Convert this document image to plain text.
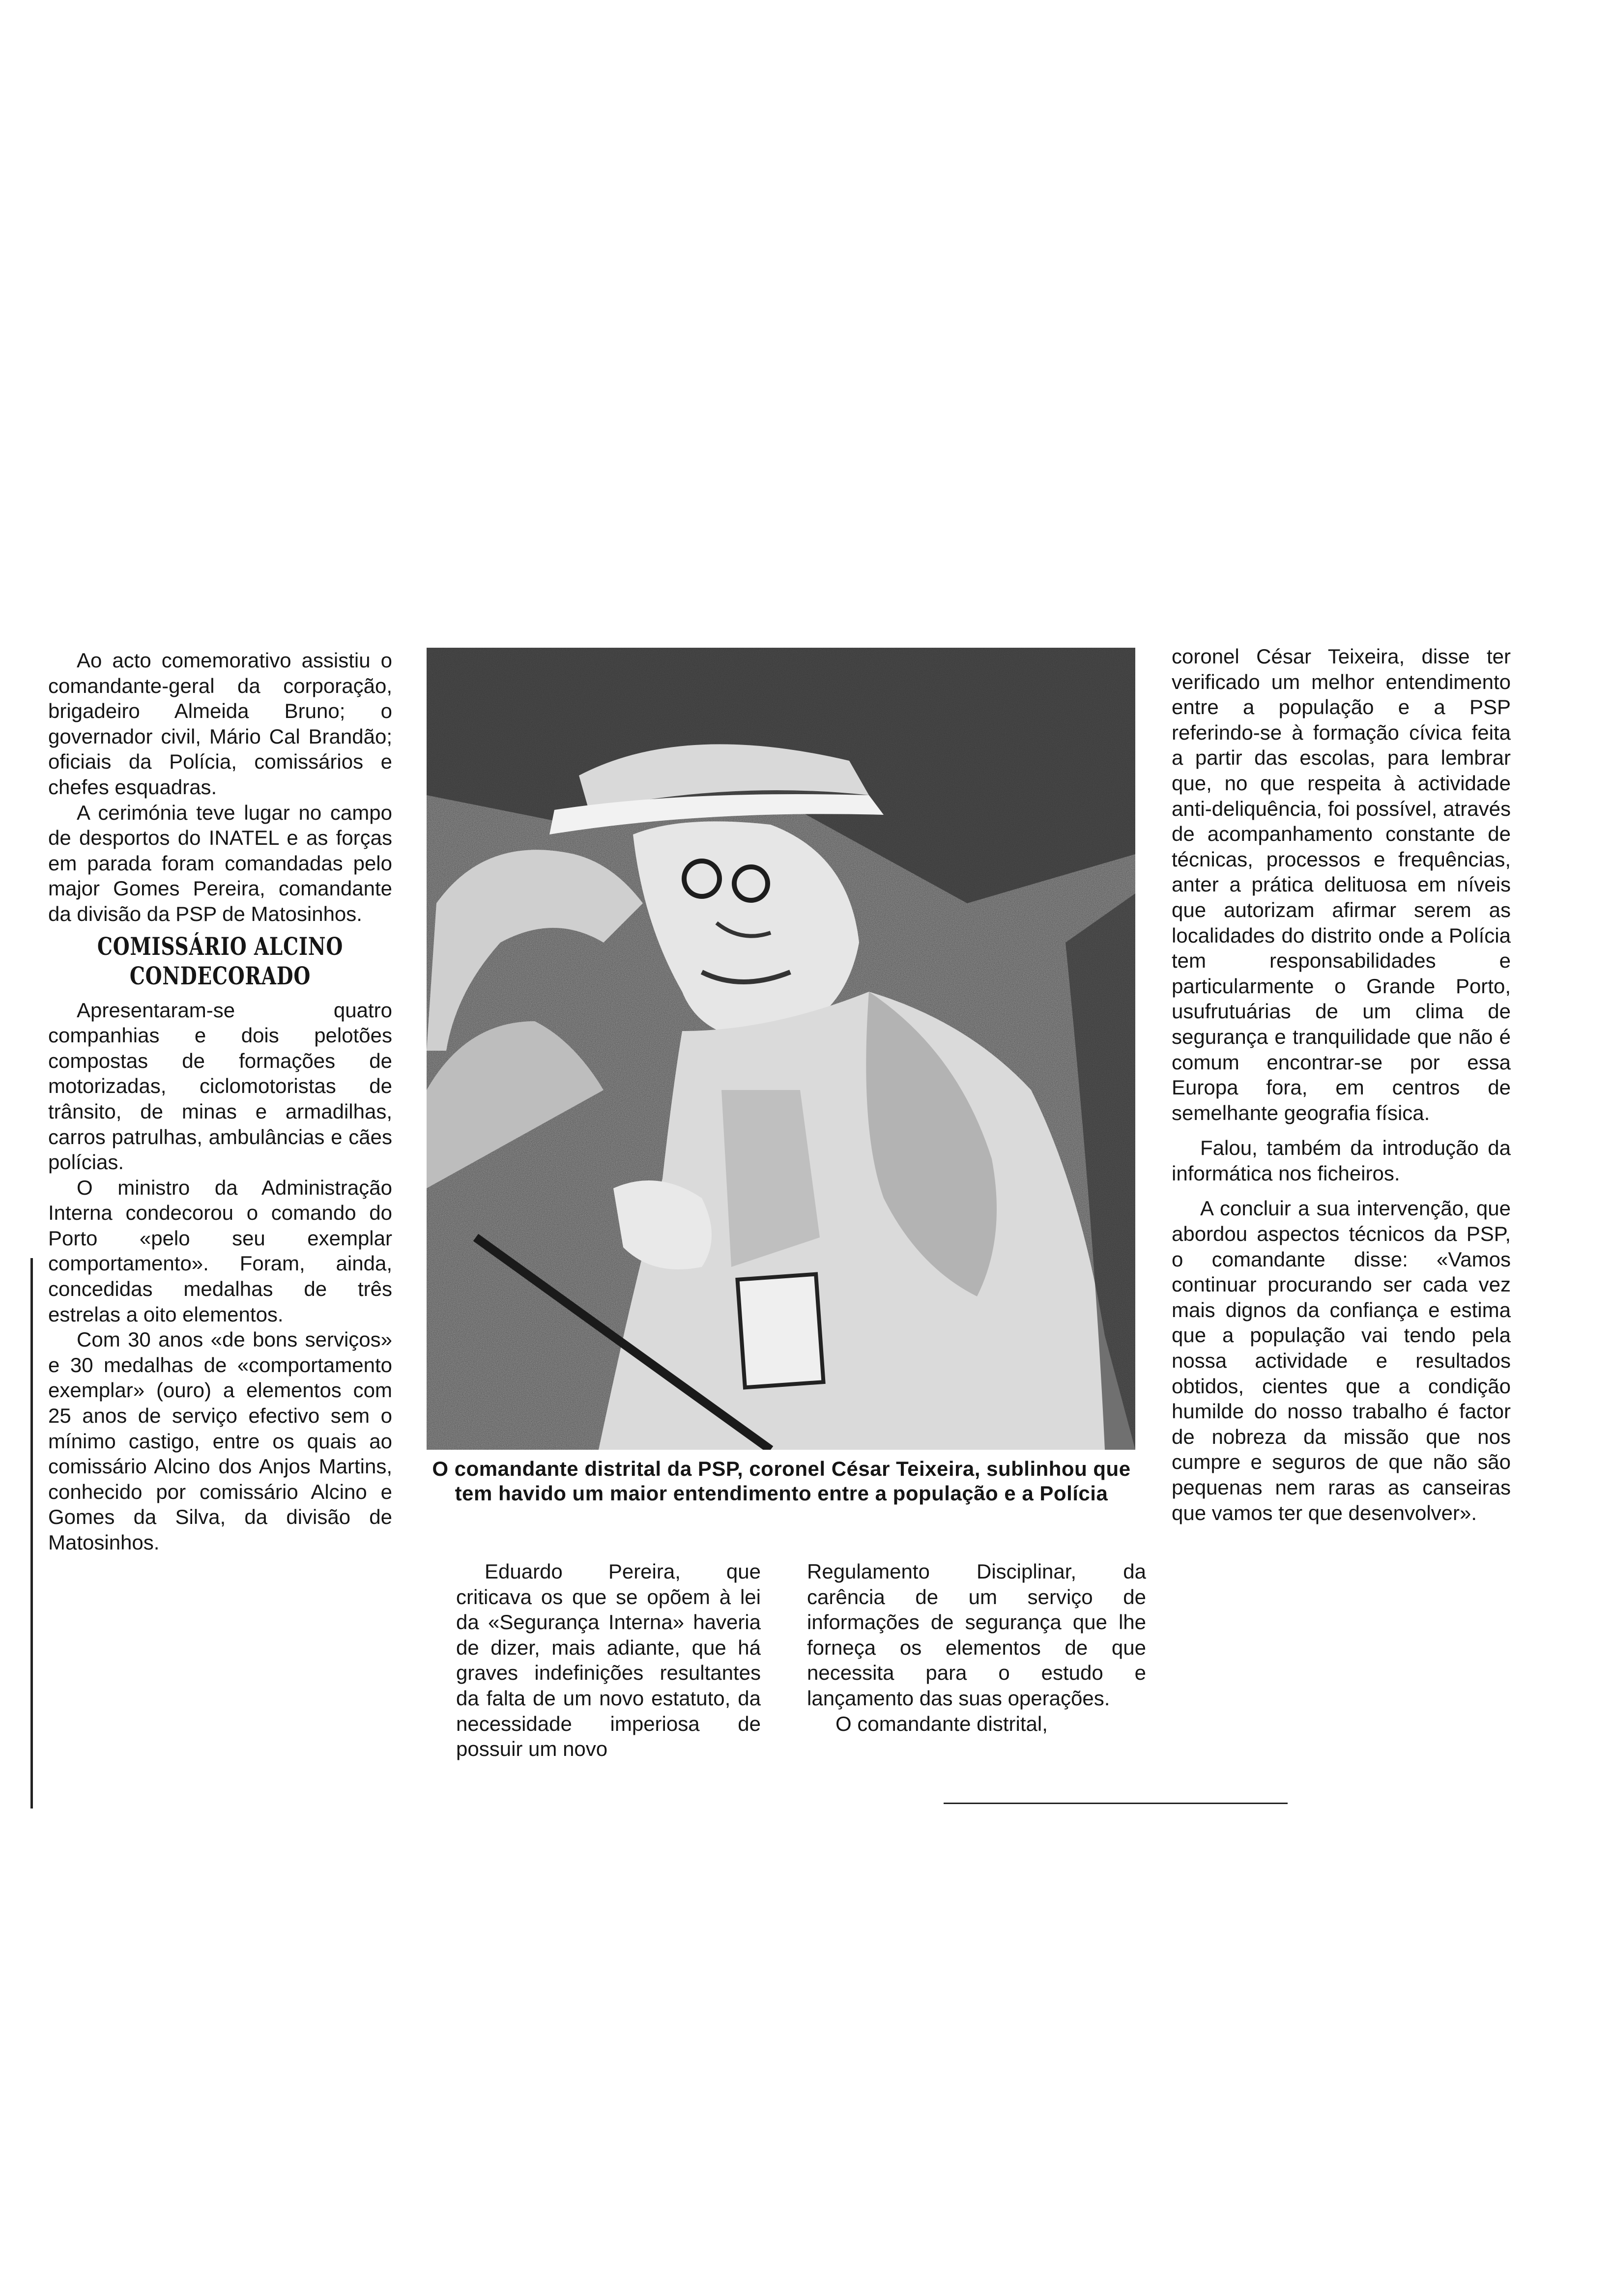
Ao acto comemorativo assistiu o comandante-geral da corporação, brigadeiro Almeida Bruno; o governador civil, Mário Cal Brandão; oficiais da Polícia, comissários e chefes esquadras.

A cerimónia teve lugar no campo de desportos do INATEL e as forças em parada foram comandadas pelo major Gomes Pereira, comandante da divisão da PSP de Matosinhos.

COMISSÁRIO ALCINO
CONDECORADO

Apresentaram-se quatro companhias e dois pelotões compostas de formações de motorizadas, ciclomotoristas de trânsito, de minas e armadilhas, carros patrulhas, ambulâncias e cães polícias.

O ministro da Administração Interna condecorou o comando do Porto «pelo seu exemplar comportamento». Foram, ainda, concedidas medalhas de três estrelas a oito elementos.

Com 30 anos «de bons serviços» e 30 medalhas de «comportamento exemplar» (ouro) a elementos com 25 anos de serviço efectivo sem o mínimo castigo, entre os quais ao comissário Alcino dos Anjos Martins, conhecido por comissário Alcino e Gomes da Silva, da divisão de Matosinhos.

O comandante distrital da PSP, coronel César Teixeira, sublinhou que tem havido um maior entendimento entre a população e a Polícia

Eduardo Pereira, que criticava os que se opõem à lei da «Segurança Interna» haveria de dizer, mais adiante, que há graves indefinições resultantes da falta de um novo estatuto, da necessidade imperiosa de possuir um novo

Regulamento Disciplinar, da carência de um serviço de informações de segurança que lhe forneça os elementos de que necessita para o estudo e lançamento das suas operações.

O comandante distrital,

coronel César Teixeira, disse ter verificado um melhor entendimento entre a população e a PSP referindo-se à formação cívica feita a partir das escolas, para lembrar que, no que respeita à actividade anti-deliquência, foi possível, através de acompanhamento constante de técnicas, processos e frequências, anter a prática delituosa em níveis que autorizam afirmar serem as localidades do distrito onde a Polícia tem responsabilidades e particularmente o Grande Porto, usufrutuárias de um clima de segurança e tranquilidade que não é comum encontrar-se por essa Europa fora, em centros de semelhante geografia física.

Falou, também da introdução da informática nos ficheiros.

A concluir a sua intervenção, que abordou aspectos técnicos da PSP, o comandante disse: «Vamos continuar procurando ser cada vez mais dignos da confiança e estima que a população vai tendo pela nossa actividade e resultados obtidos, cientes que a condição humilde do nosso trabalho é factor de nobreza da missão que nos cumpre e seguros de que não são pequenas nem raras as canseiras que vamos ter que desenvolver».
